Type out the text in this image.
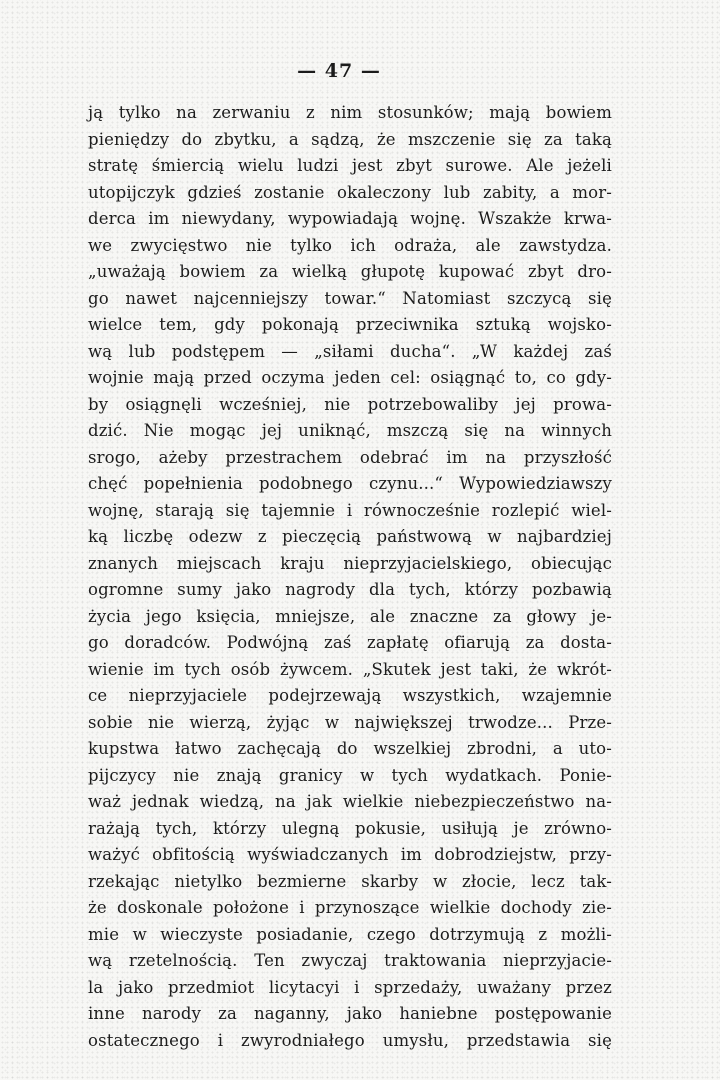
— 47 —
ją tylko na zerwaniu z nim stosunków; mają bowiem
pieniędzy do zbytku, a sądzą, że mszczenie się za taką
stratę śmiercią wielu ludzi jest zbyt surowe. Ale jeżeli
utopijczyk gdzieś zostanie okaleczony lub zabity, a mor-
derca im niewydany, wypowiadają wojnę. Wszakże krwa-
we zwycięstwo nie tylko ich odraża, ale zawstydza.
„uważają bowiem za wielką głupotę kupować zbyt dro-
go nawet najcenniejszy towar.“ Natomiast szczycą się
wielce tem, gdy pokonają przeciwnika sztuką wojsko-
wą lub podstępem — „siłami ducha“. „W każdej zaś
wojnie mają przed oczyma jeden cel: osiągnąć to, co gdy-
by osiągnęli wcześniej, nie potrzebowaliby jej prowa-
dzić. Nie mogąc jej uniknąć, mszczą się na winnych
srogo, ażeby przestrachem odebrać im na przyszłość
chęć popełnienia podobnego czynu...“ Wypowiedziawszy
wojnę, starają się tajemnie i równocześnie rozlepić wiel-
ką liczbę odezw z pieczęcią państwową w najbardziej
znanych miejscach kraju nieprzyjacielskiego, obiecując
ogromne sumy jako nagrody dla tych, którzy pozbawią
życia jego księcia, mniejsze, ale znaczne za głowy je-
go doradców. Podwójną zaś zapłatę ofiarują za dosta-
wienie im tych osób żywcem. „Skutek jest taki, że wkrót-
ce nieprzyjaciele podejrzewają wszystkich, wzajemnie
sobie nie wierzą, żyjąc w największej trwodze... Prze-
kupstwa łatwo zachęcają do wszelkiej zbrodni, a uto-
pijczycy nie znają granicy w tych wydatkach. Ponie-
waż jednak wiedzą, na jak wielkie niebezpieczeństwo na-
rażają tych, którzy ulegną pokusie, usiłują je zrówno-
ważyć obfitością wyświadczanych im dobrodziejstw, przy-
rzekając nietylko bezmierne skarby w złocie, lecz tak-
że doskonale położone i przynoszące wielkie dochody zie-
mie w wieczyste posiadanie, czego dotrzymują z możli-
wą rzetelnością. Ten zwyczaj traktowania nieprzyjacie-
la jako przedmiot licytacyi i sprzedaży, uważany przez
inne narody za naganny, jako haniebne postępowanie
ostatecznego i zwyrodniałego umysłu, przedstawia się
